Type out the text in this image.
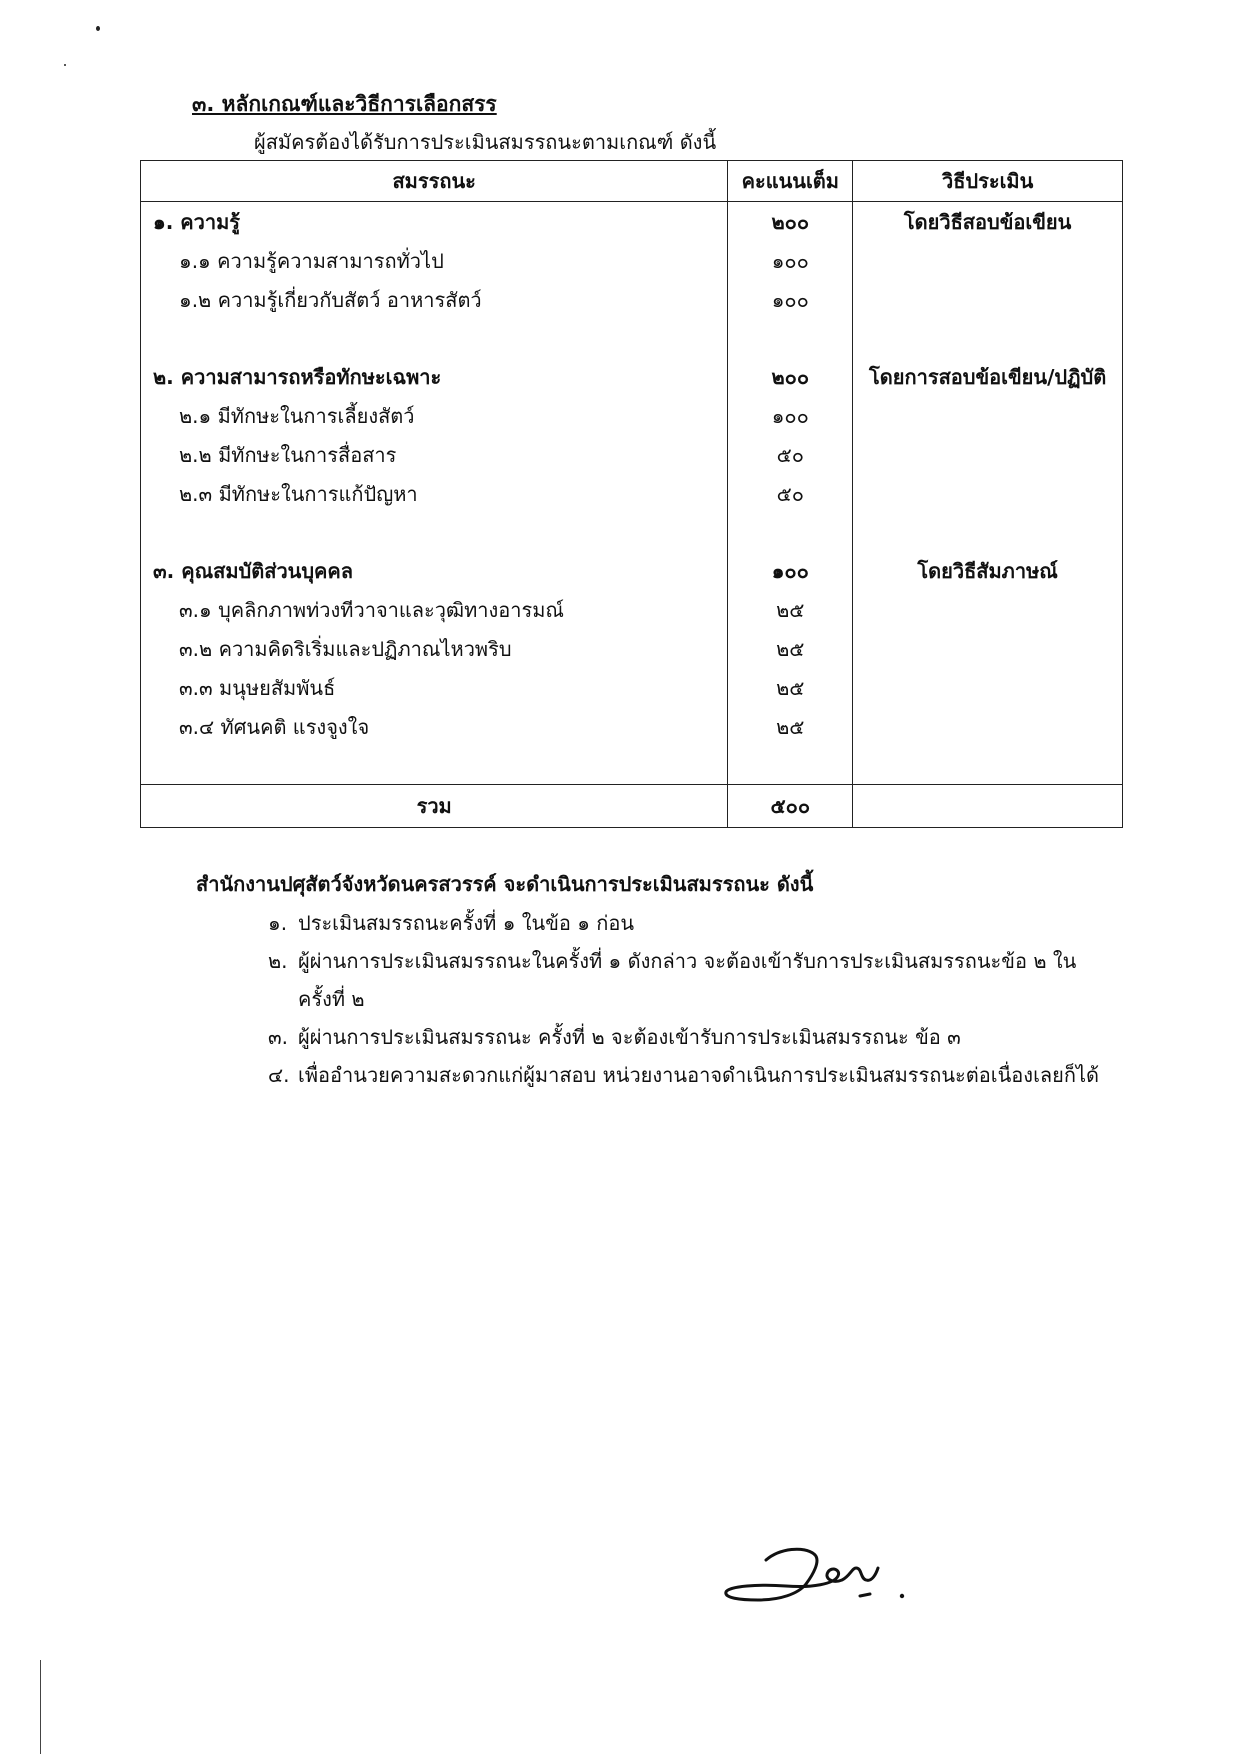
๓. หลักเกณฑ์และวิธีการเลือกสรร

ผู้สมัครต้องได้รับการประเมินสมรรถนะตามเกณฑ์ ดังนี้

สมรรถนะ	คะแนนเต็ม	วิธีประเมิน
๑. ความรู้	๒๐๐	โดยวิธีสอบข้อเขียน
๑.๑ ความรู้ความสามารถทั่วไป	๑๐๐	
๑.๒ ความรู้เกี่ยวกับสัตว์ อาหารสัตว์	๑๐๐	

๒. ความสามารถหรือทักษะเฉพาะ	๒๐๐	โดยการสอบข้อเขียน/ปฏิบัติ
๒.๑ มีทักษะในการเลี้ยงสัตว์	๑๐๐	
๒.๒ มีทักษะในการสื่อสาร	๕๐	
๒.๓ มีทักษะในการแก้ปัญหา	๕๐	

๓. คุณสมบัติส่วนบุคคล	๑๐๐	โดยวิธีสัมภาษณ์
๓.๑ บุคลิกภาพท่วงทีวาจาและวุฒิทางอารมณ์	๒๕	
๓.๒ ความคิดริเริ่มและปฏิภาณไหวพริบ	๒๕	
๓.๓ มนุษยสัมพันธ์	๒๕	
๓.๔ ทัศนคติ แรงจูงใจ	๒๕	

รวม	๕๐๐	

สำนักงานปศุสัตว์จังหวัดนครสวรรค์ จะดำเนินการประเมินสมรรถนะ ดังนี้

๑. ประเมินสมรรถนะครั้งที่ ๑ ในข้อ ๑ ก่อน
๒. ผู้ผ่านการประเมินสมรรถนะในครั้งที่ ๑ ดังกล่าว จะต้องเข้ารับการประเมินสมรรถนะข้อ ๒ ในครั้งที่ ๒
๓. ผู้ผ่านการประเมินสมรรถนะ ครั้งที่ ๒ จะต้องเข้ารับการประเมินสมรรถนะ ข้อ ๓
๔. เพื่ออำนวยความสะดวกแก่ผู้มาสอบ หน่วยงานอาจดำเนินการประเมินสมรรถนะต่อเนื่องเลยก็ได้
